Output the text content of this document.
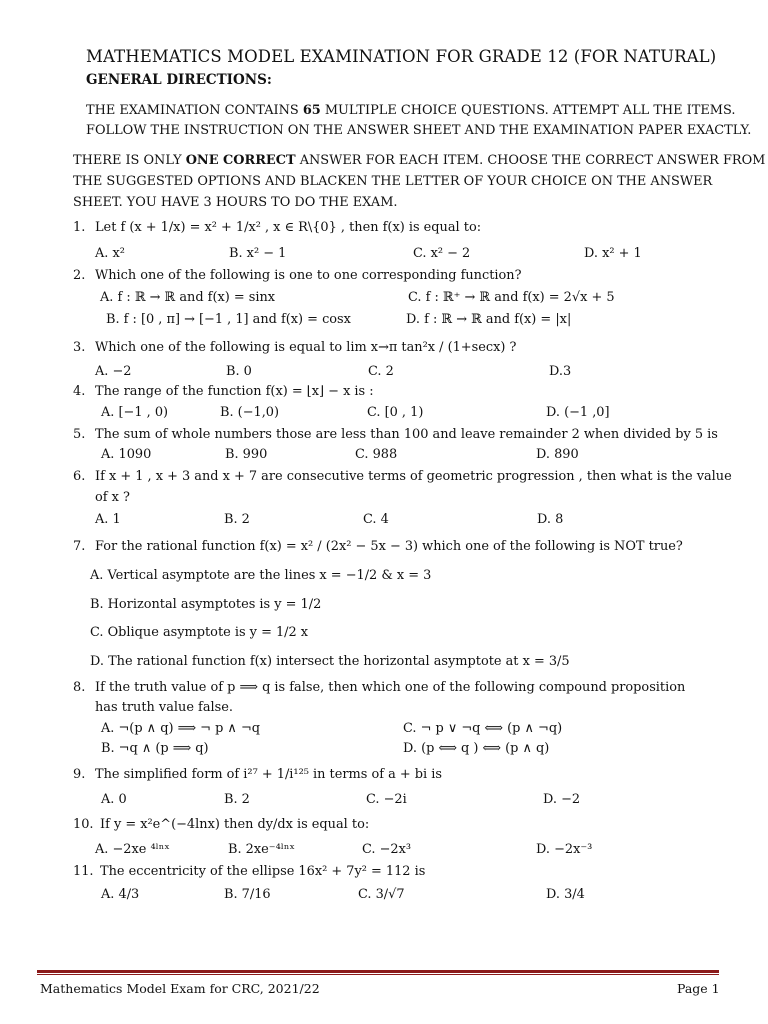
MATHEMATICS MODEL EXAMINATION FOR GRADE 12 (FOR NATURAL)
GENERAL DIRECTIONS:
THE EXAMINATION CONTAINS 65 MULTIPLE CHOICE QUESTIONS. ATTEMPT ALL THE ITEMS.
FOLLOW THE INSTRUCTION ON THE ANSWER SHEET AND THE EXAMINATION PAPER EXACTLY.
THERE IS ONLY ONE CORRECT ANSWER FOR EACH ITEM. CHOOSE THE CORRECT ANSWER FROM
THE SUGGESTED OPTIONS AND BLACKEN THE LETTER OF YOUR CHOICE ON THE ANSWER
SHEET. YOU HAVE 3 HOURS TO DO THE EXAM.
1. Let f (x + 1/x) = x² + 1/x² , x ∈ R\{0} , then f(x) is equal to:
A. x²	B. x² − 1	C. x² − 2	D. x² + 1
2. Which one of the following is one to one corresponding function?
A. f : ℝ → ℝ and f(x) = sinx	C. f : ℝ⁺ → ℝ and f(x) = 2√x + 5
B. f : [0 , π] → [−1 , 1] and f(x) = cosx	D. f : ℝ → ℝ and f(x) = |x|
3. Which one of the following is equal to lim x→π tan²x / (1+secx) ?
A. −2	B. 0	C. 2	D.3
4. The range of the function f(x) = ⌊x⌋ − x is :
A. [−1 , 0)	B. (−1,0)	C. [0 , 1)	D. (−1 ,0]
5. The sum of whole numbers those are less than 100 and leave remainder 2 when divided by 5 is
A. 1090	B. 990	C. 988	D. 890
6. If x + 1 , x + 3 and x + 7 are consecutive terms of geometric progression , then what is the value
of x ?
A. 1	B. 2	C. 4	D. 8
7. For the rational function f(x) = x² / (2x² − 5x − 3) which one of the following is NOT true?
A. Vertical asymptote are the lines x = −1/2 & x = 3
B. Horizontal asymptotes is y = 1/2
C. Oblique asymptote is y = 1/2 x
D. The rational function f(x) intersect the horizontal asymptote at x = 3/5
8. If the truth value of p ⟹ q is false, then which one of the following compound proposition
has truth value false.
A. ¬(p ∧ q) ⟹ ¬ p ∧ ¬q	C. ¬ p ∨ ¬q ⟺ (p ∧ ¬q)
B. ¬q ∧ (p ⟹ q)	D. (p ⟺ q ) ⟺ (p ∧ q)
9. The simplified form of i²⁷ + 1/i¹²⁵ in terms of a + bi is
A. 0	B. 2	C. −2i	D. −2
10. If y = x²e^(−4lnx) then dy/dx is equal to:
A. −2xe ⁴ˡⁿˣ	B. 2xe⁻⁴ˡⁿˣ	C. −2x³	D. −2x⁻³
11. The eccentricity of the ellipse 16x² + 7y² = 112 is
A. 4/3	B. 7/16	C. 3/√7	D. 3/4
Mathematics Model Exam for CRC, 2021/22	Page 1
